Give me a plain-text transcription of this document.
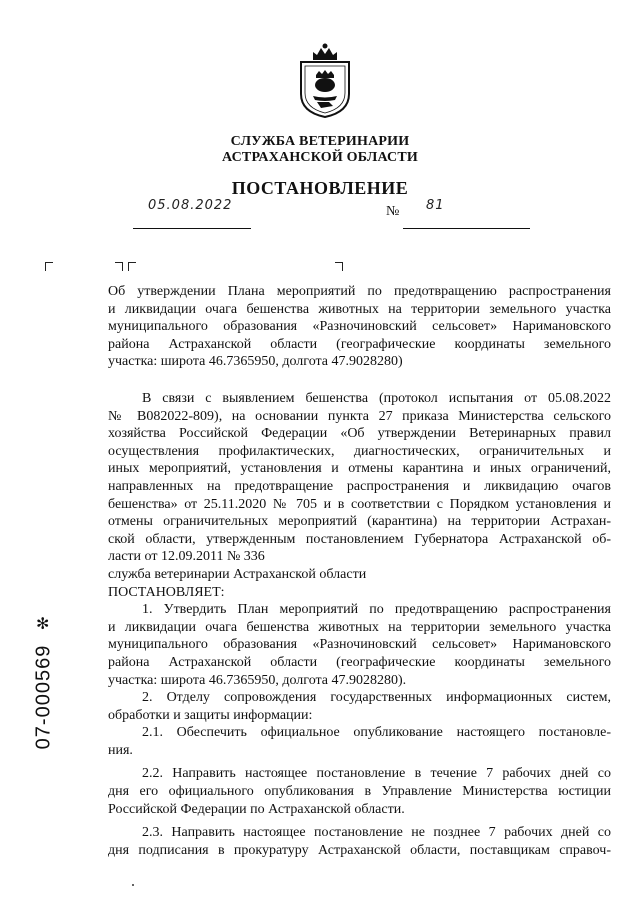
СЛУЖБА ВЕТЕРИНАРИИ
АСТРАХАНСКОЙ ОБЛАСТИ
ПОСТАНОВЛЕНИЕ
05.08.2022	№ 81

Об утверждении Плана мероприятий по предотвращению распространения

и ликвидации очага бешенства животных на территории земельного участка

муниципального образования «Разночиновский сельсовет» Наримановского

района Астраханской области (географические координаты земельного

участка: широта 46.7365950, долгота 47.9028280)

В связи с выявлением бешенства (протокол испытания от 05.08.2022

№ В082022-809), на основании пункта 27 приказа Министерства сельского

хозяйства Российской Федерации «Об утверждении Ветеринарных правил

осуществления профилактических, диагностических, ограничительных и

иных мероприятий, установления и отмены карантина и иных ограничений,

направленных на предотвращение распространения и ликвидацию очагов

бешенства» от 25.11.2020 № 705 и в соответствии с Порядком установления и

отмены ограничительных мероприятий (карантина) на территории Астрахан-

ской области, утвержденным постановлением Губернатора Астраханской об-

ласти от 12.09.2011 № 336

служба ветеринарии Астраханской области

ПОСТАНОВЛЯЕТ:

1. Утвердить План мероприятий по предотвращению распространения

и ликвидации очага бешенства животных на территории земельного участка

муниципального образования «Разночиновский сельсовет» Наримановского

района Астраханской области (географические координаты земельного

участка: широта 46.7365950, долгота 47.9028280).

2. Отделу сопровождения государственных информационных систем,

обработки и защиты информации:

2.1. Обеспечить официальное опубликование настоящего постановле-

ния.

2.2. Направить настоящее постановление в течение 7 рабочих дней со

дня его официального опубликования в Управление Министерства юстиции

Российской Федерации по Астраханской области.

2.3. Направить настоящее постановление не позднее 7 рабочих дней со

дня подписания в прокуратуру Астраханской области, поставщикам справоч-

✻
07-000569
